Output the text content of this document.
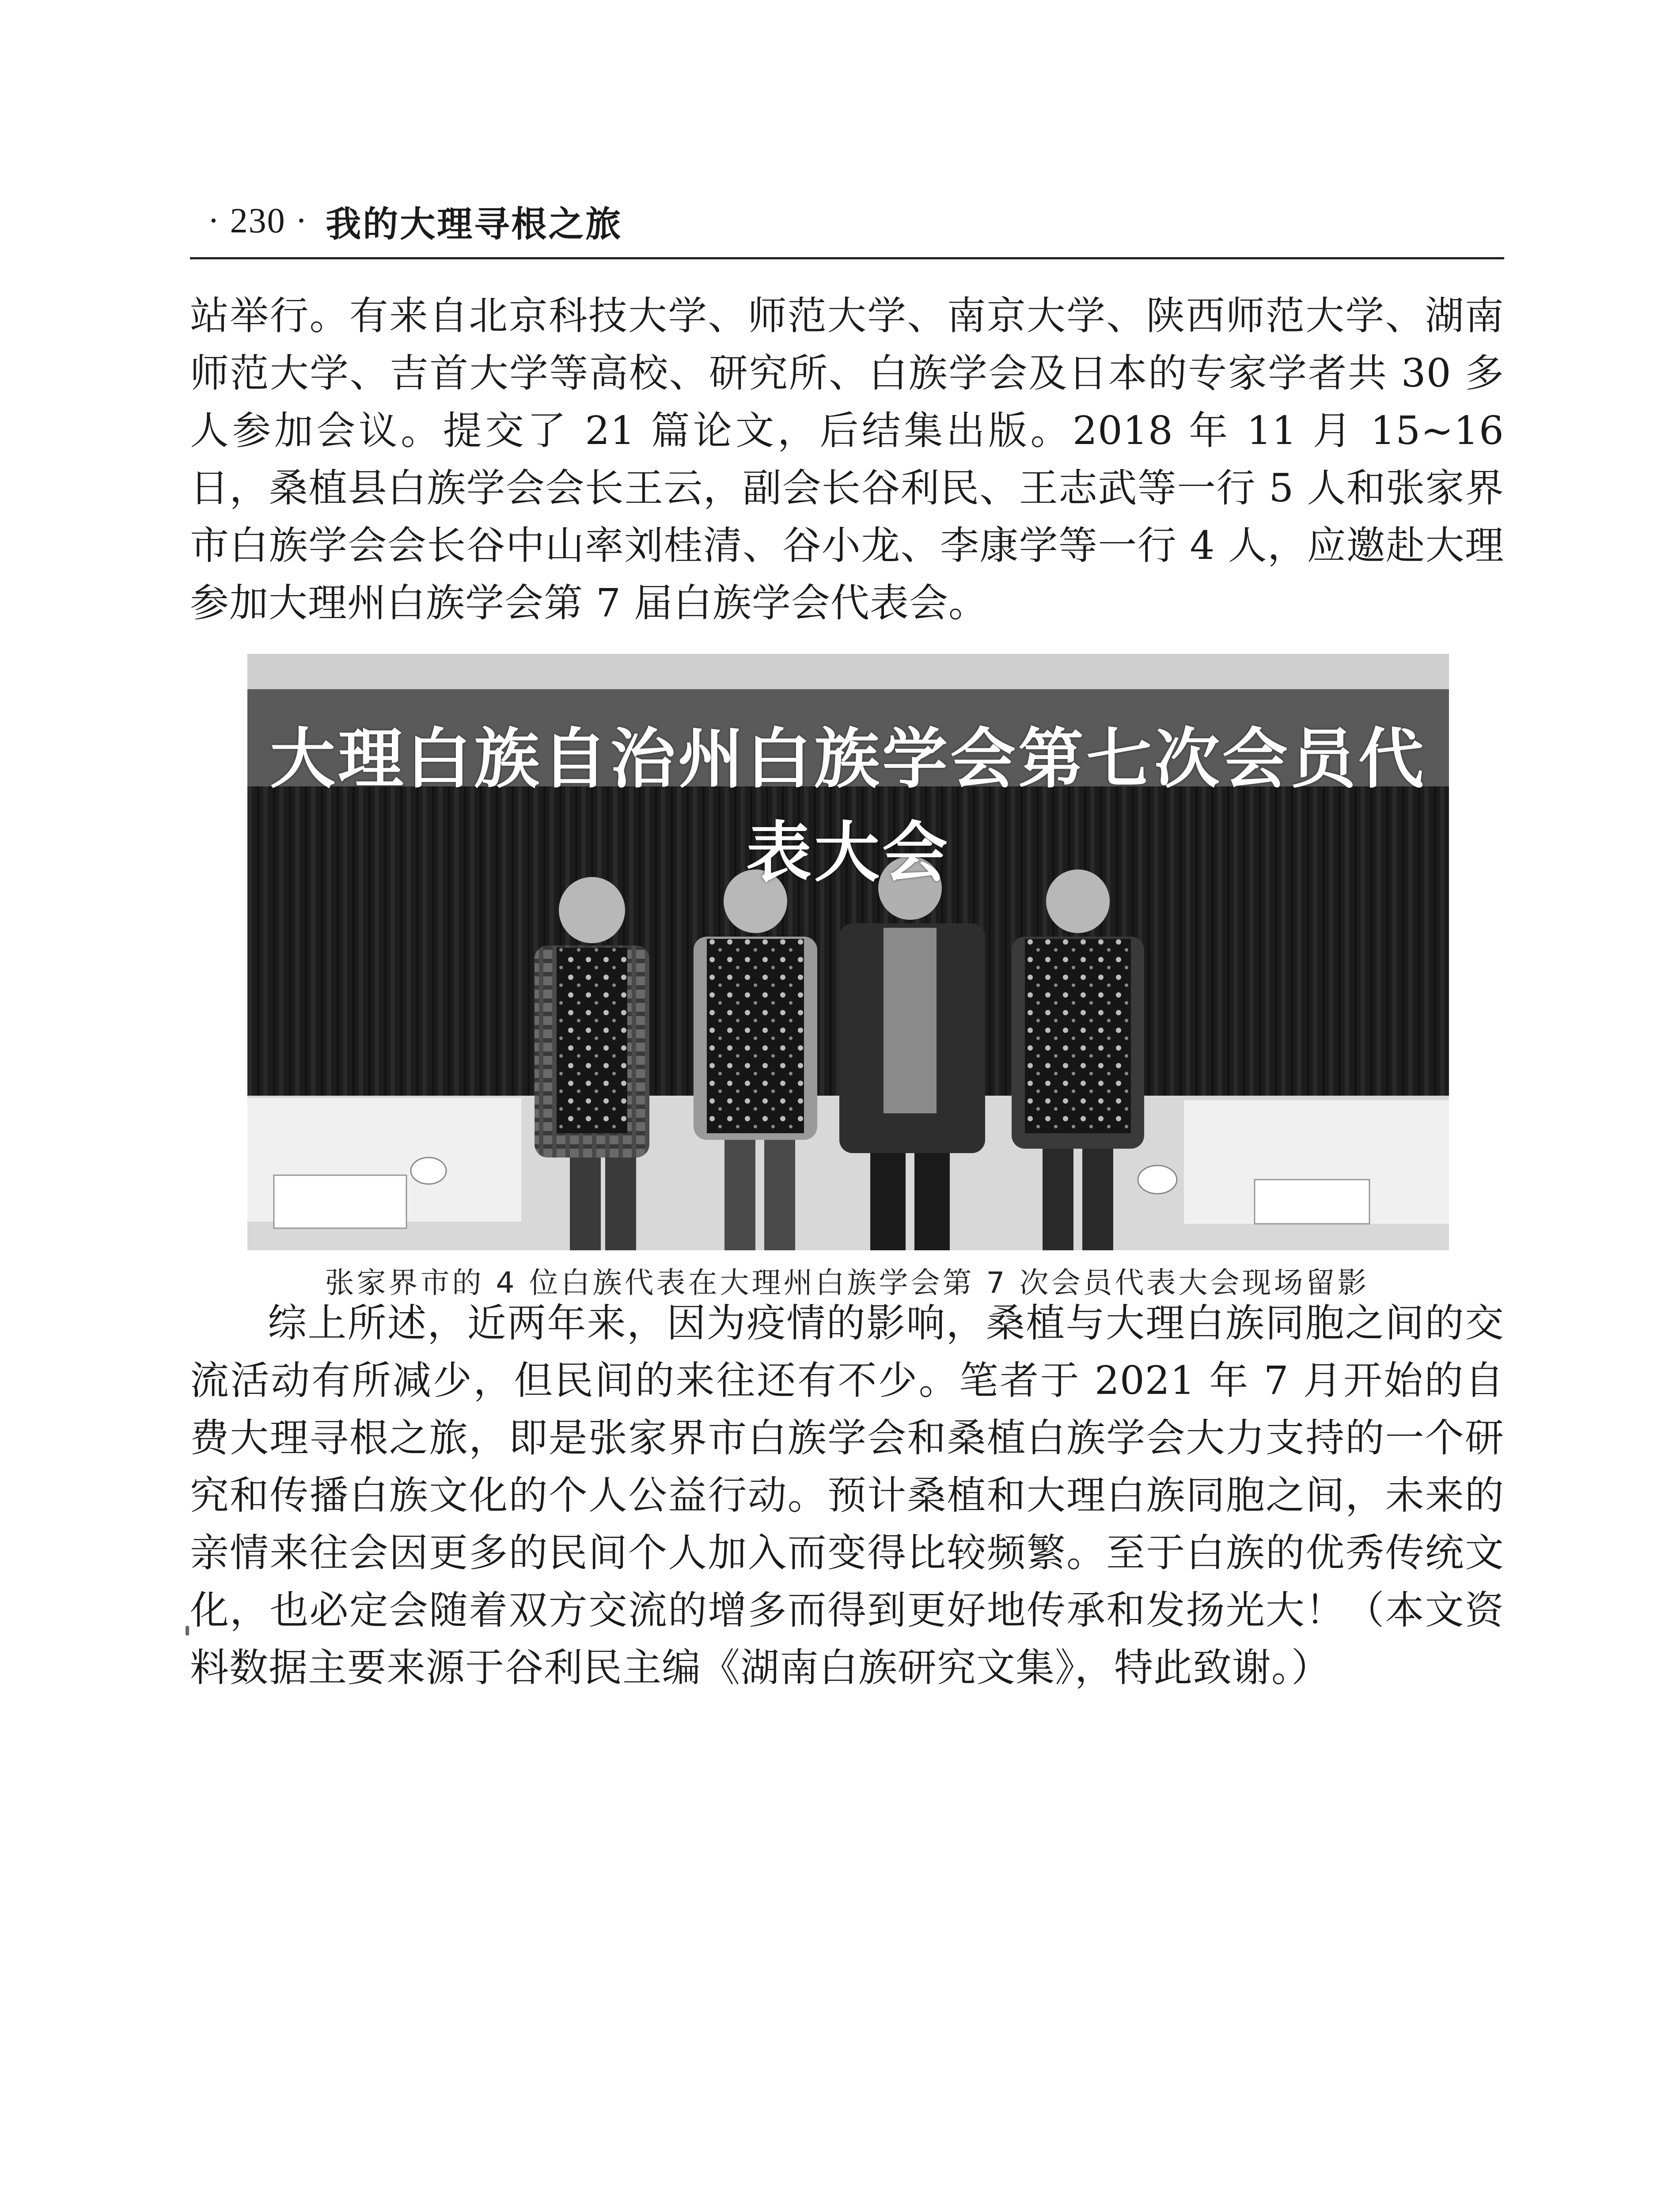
· 230 · 我的大理寻根之旅
站举行。有来自北京科技大学、师范大学、南京大学、陕西师范大学、湖南师范大学、吉首大学等高校、研究所、白族学会及日本的专家学者共 30 多人参加会议。提交了 21 篇论文，后结集出版。2018 年 11 月 15~16 日，桑植县白族学会会长王云，副会长谷利民、王志武等一行 5 人和张家界市白族学会会长谷中山率刘桂清、谷小龙、李康学等一行 4 人，应邀赴大理参加大理州白族学会第 7 届白族学会代表会。
大理白族自治州白族学会第七次会员代表大会
张家界市的 4 位白族代表在大理州白族学会第 7 次会员代表大会现场留影
综上所述，近两年来，因为疫情的影响，桑植与大理白族同胞之间的交流活动有所减少，但民间的来往还有不少。笔者于 2021 年 7 月开始的自费大理寻根之旅，即是张家界市白族学会和桑植白族学会大力支持的一个研究和传播白族文化的个人公益行动。预计桑植和大理白族同胞之间，未来的亲情来往会因更多的民间个人加入而变得比较频繁。至于白族的优秀传统文化，也必定会随着双方交流的增多而得到更好地传承和发扬光大！（本文资料数据主要来源于谷利民主编《湖南白族研究文集》，特此致谢。）
